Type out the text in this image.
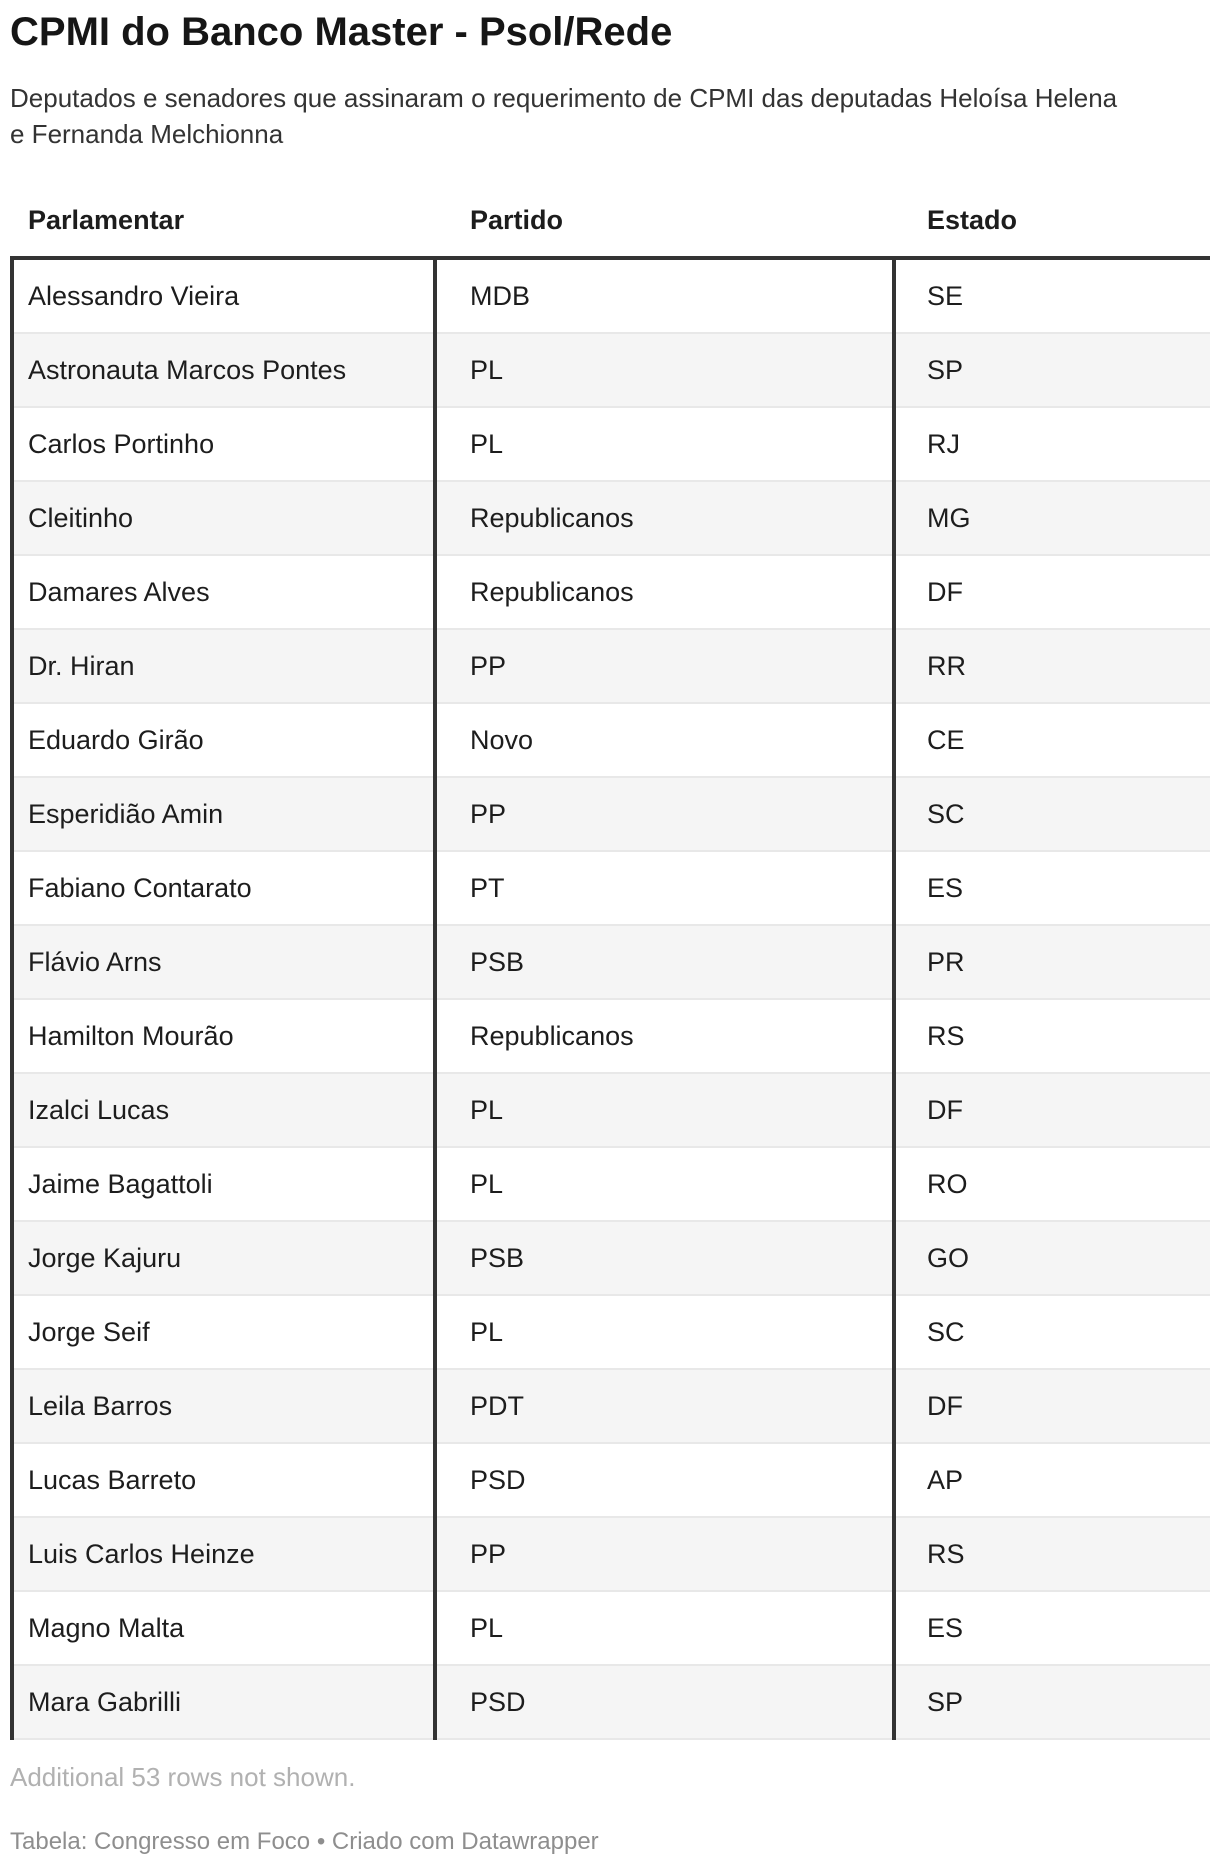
CPMI do Banco Master - Psol/Rede
Deputados e senadores que assinaram o requerimento de CPMI das deputadas Heloísa Helena
e Fernanda Melchionna
Parlamentar	Partido	Estado
Alessandro Vieira	MDB	SE
Astronauta Marcos Pontes	PL	SP
Carlos Portinho	PL	RJ
Cleitinho	Republicanos	MG
Damares Alves	Republicanos	DF
Dr. Hiran	PP	RR
Eduardo Girão	Novo	CE
Esperidião Amin	PP	SC
Fabiano Contarato	PT	ES
Flávio Arns	PSB	PR
Hamilton Mourão	Republicanos	RS
Izalci Lucas	PL	DF
Jaime Bagattoli	PL	RO
Jorge Kajuru	PSB	GO
Jorge Seif	PL	SC
Leila Barros	PDT	DF
Lucas Barreto	PSD	AP
Luis Carlos Heinze	PP	RS
Magno Malta	PL	ES
Mara Gabrilli	PSD	SP
Additional 53 rows not shown.
Tabela: Congresso em Foco • Criado com Datawrapper
